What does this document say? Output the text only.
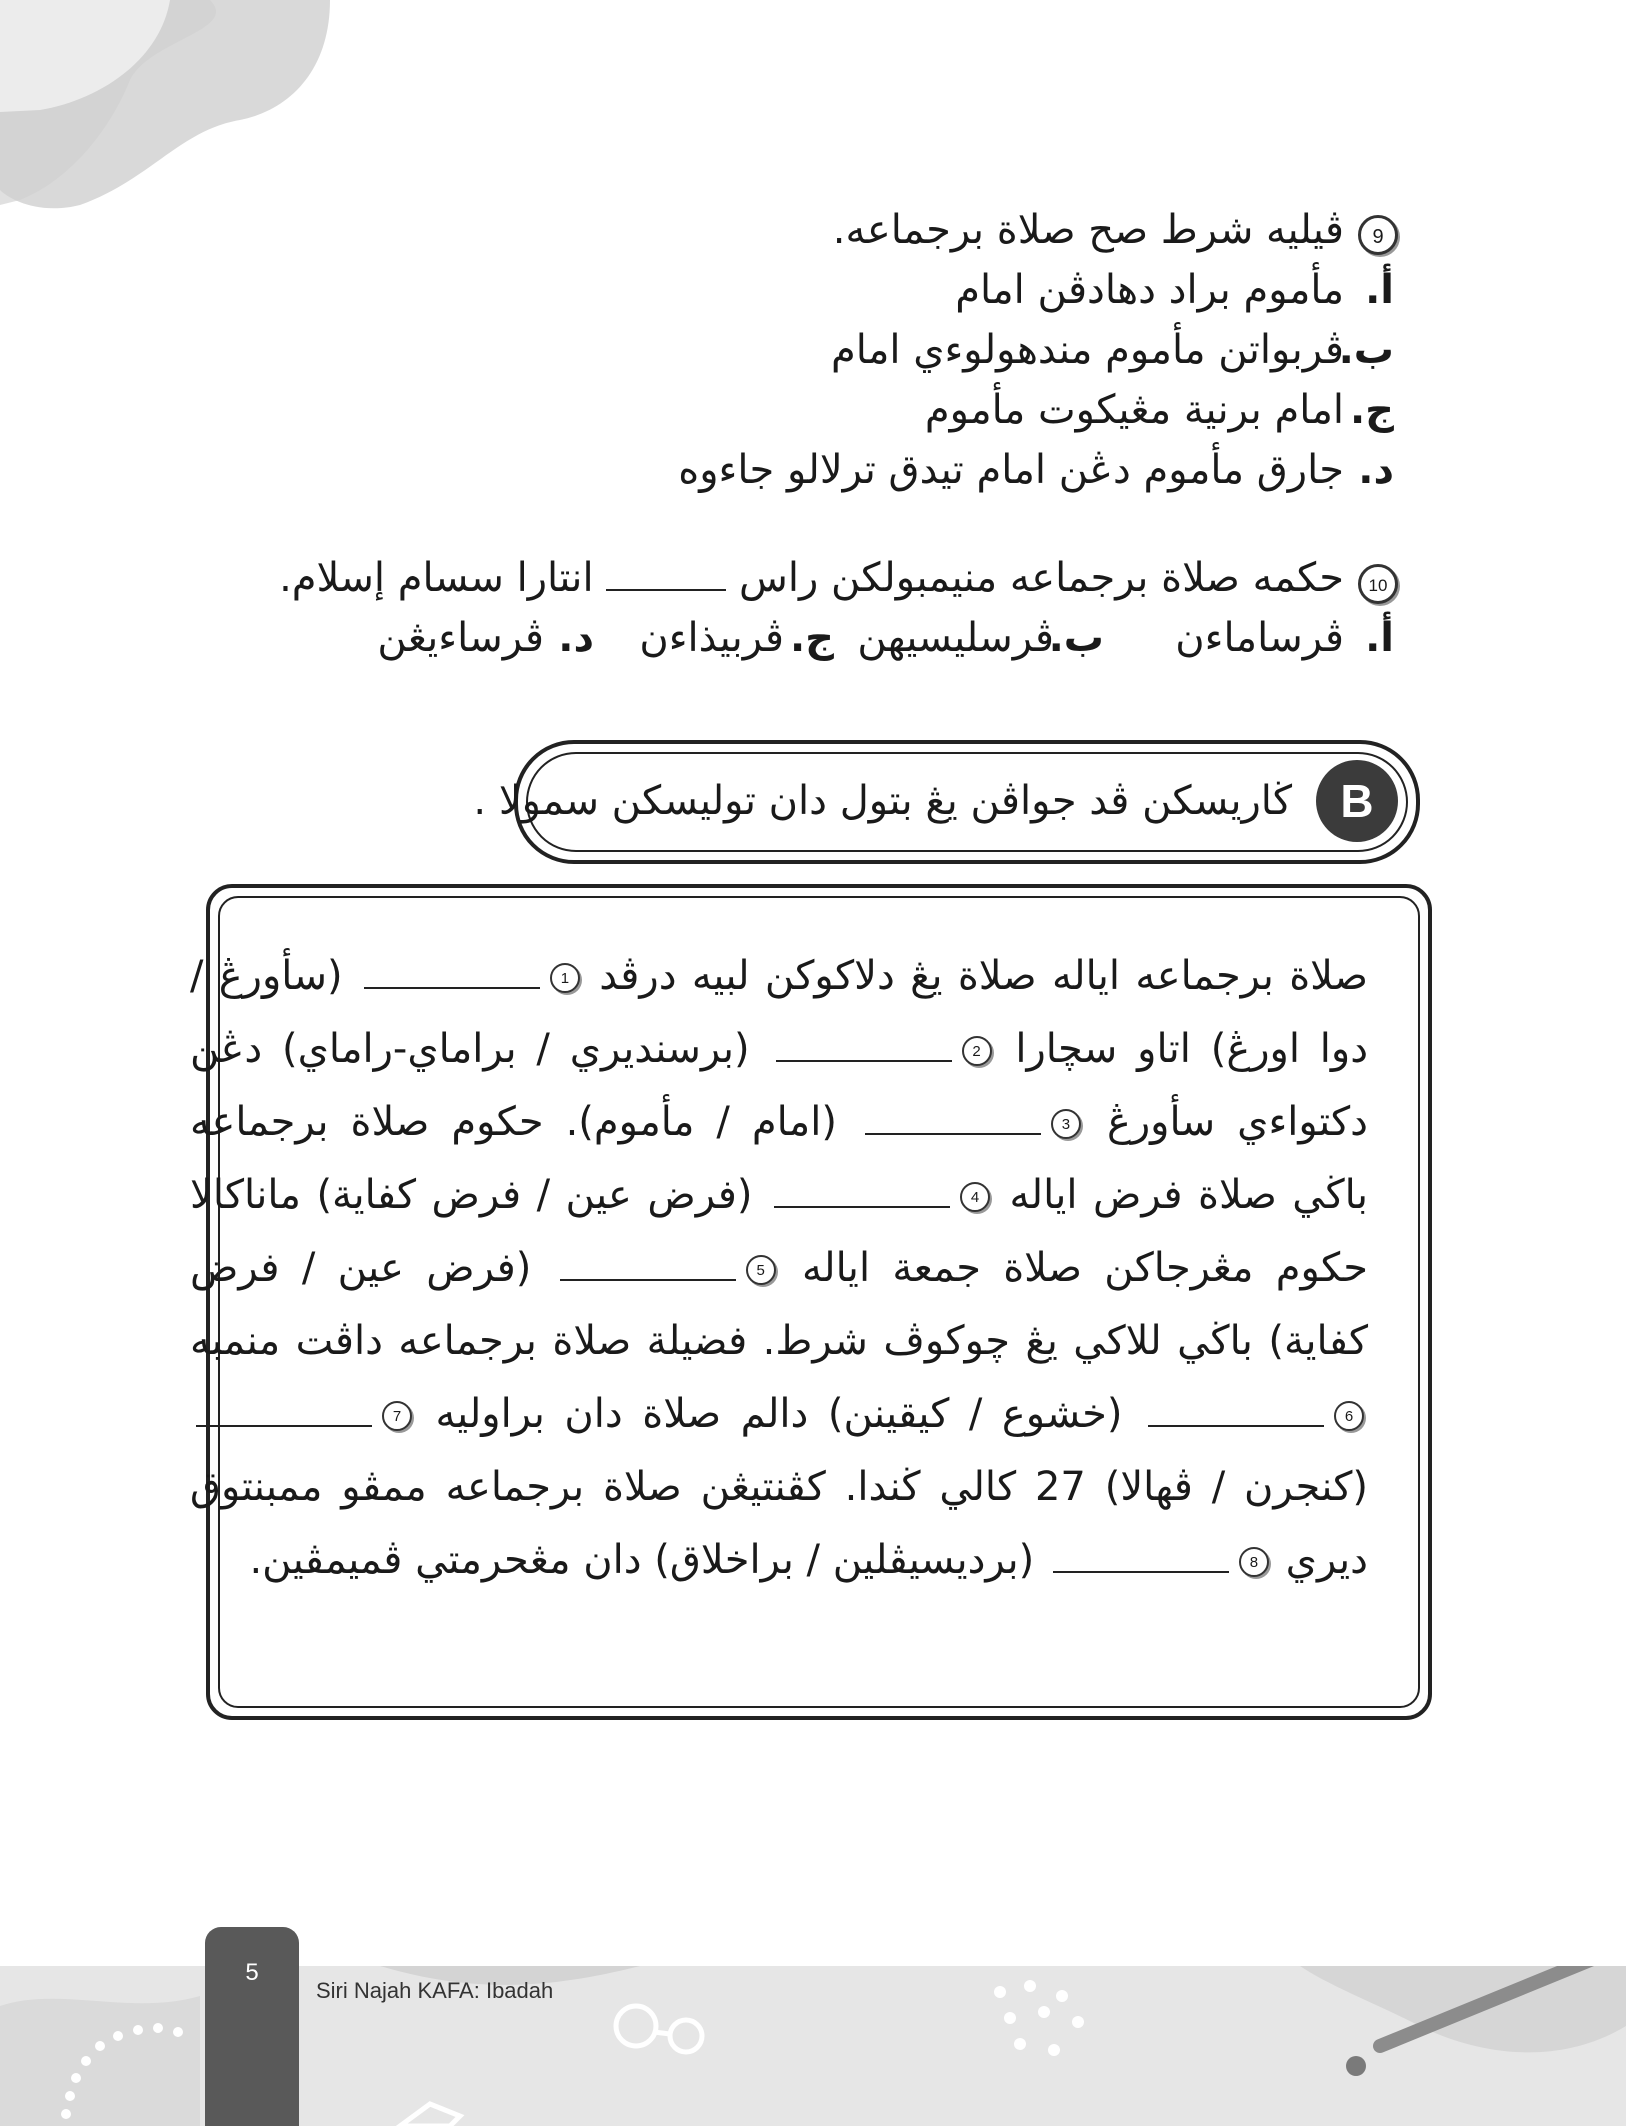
9ڤيليه شرط صح صلاة برجماعه.
أ.مأموم براد دهادڤن امام
ب.ڤربواتن مأموم مندهولوءي امام
ج.امام برنية مڠيكوت مأموم
د.جارق مأموم دڠن امام تيدق ترلالو جاءوه
10حكمه صلاة برجماعه منيمبولكن راس  انتارا سسام إسلام.
أ.ڤرساماءنب.ڤرسليسيهنج.ڤربيذاءند.ڤرساءيڠن
B
ڬاريسكن ڤد جواڤن يڠ بتول دان توليسكن سمولا .
صلاة برجماعه اياله صلاة يڠ دلاكوكن لبيه درڤد 1 (سأورڠ / دوا اورڠ) اتاو سچارا 2 (برسنديري / براماي-راماي) دڠن دكتواءي سأورڠ 3 (امام / مأموم). حكوم صلاة برجماعه باڬي صلاة فرض اياله 4 (فرض عين / فرض كفاية) ماناكالا حكوم مڠرجاكن صلاة جمعة اياله 5 (فرض عين / فرض كفاية) باڬي للاكي يڠ چوكوڤ شرط. فضيلة صلاة برجماعه داڤت منمبه 6 (خشوع / كيقينن) دالم صلاة دان براوليه 7 (كنجرن / ڤهالا) 27 كالي ڬندا. كڤنتيڠن صلاة برجماعه ممڤو ممبنتوق ديري 8 (برديسيڤلين / براخلاق) دان مڠحرمتي ڤميمڤين.
5
Siri Najah KAFA: Ibadah
